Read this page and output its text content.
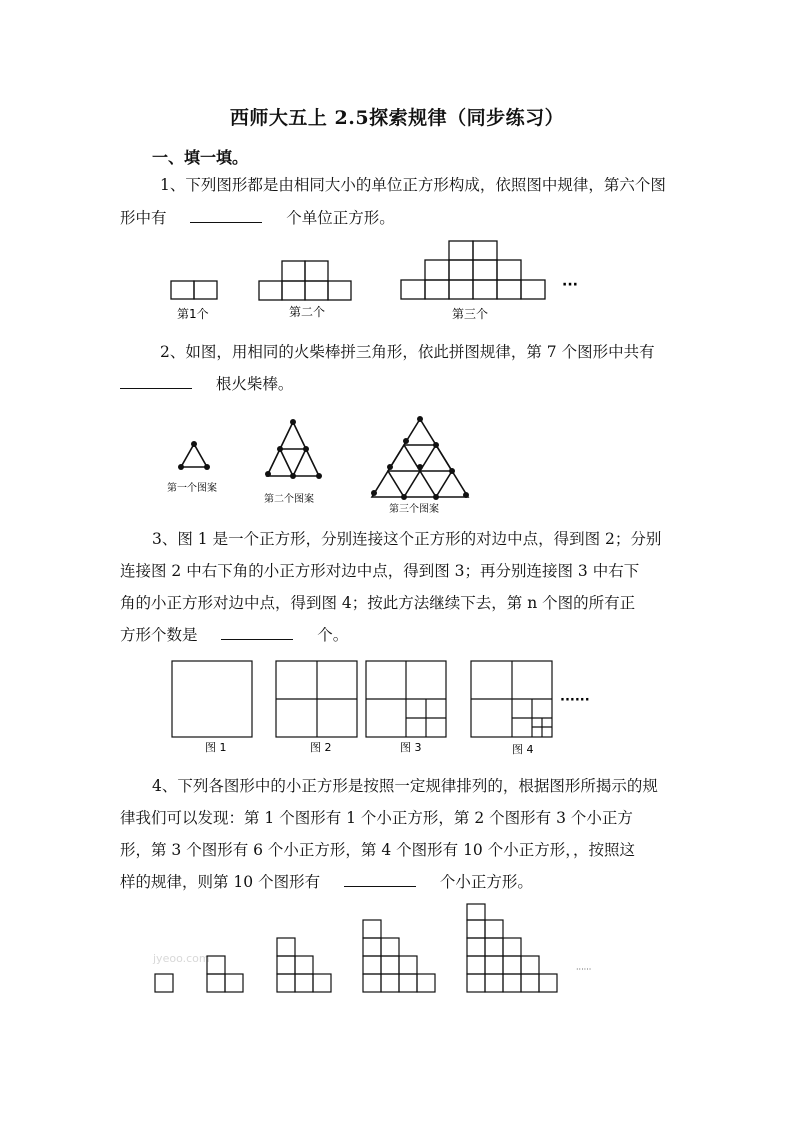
西师大五上 2.5探索规律（同步练习）
一、填一填。
1、下列图形都是由相同大小的单位正方形构成，依照图中规律，第六个图
形中有	个单位正方形。
···
第1个	第二个	第三个
2、如图，用相同的火柴棒拼三角形，依此拼图规律，第 7 个图形中共有
根火柴棒。
第一个图案
第二个图案
第三个图案
3、图 1 是一个正方形，分别连接这个正方形的对边中点，得到图 2；分别
连接图 2 中右下角的小正方形对边中点，得到图 3；再分别连接图 3 中右下
角的小正方形对边中点，得到图 4；按此方法继续下去，第 n 个图的所有正
方形个数是	个。
······
图 1	图 2	图 3	图 4
4、下列各图形中的小正方形是按照一定规律排列的，根据图形所揭示的规
律我们可以发现：第 1 个图形有 1 个小正方形，第 2 个图形有 3 个小正方
形，第 3 个图形有 6 个小正方形，第 4 个图形有 10 个小正方形，，按照这
样的规律，则第 10 个图形有	个小正方形。
jyeoo.com
······
